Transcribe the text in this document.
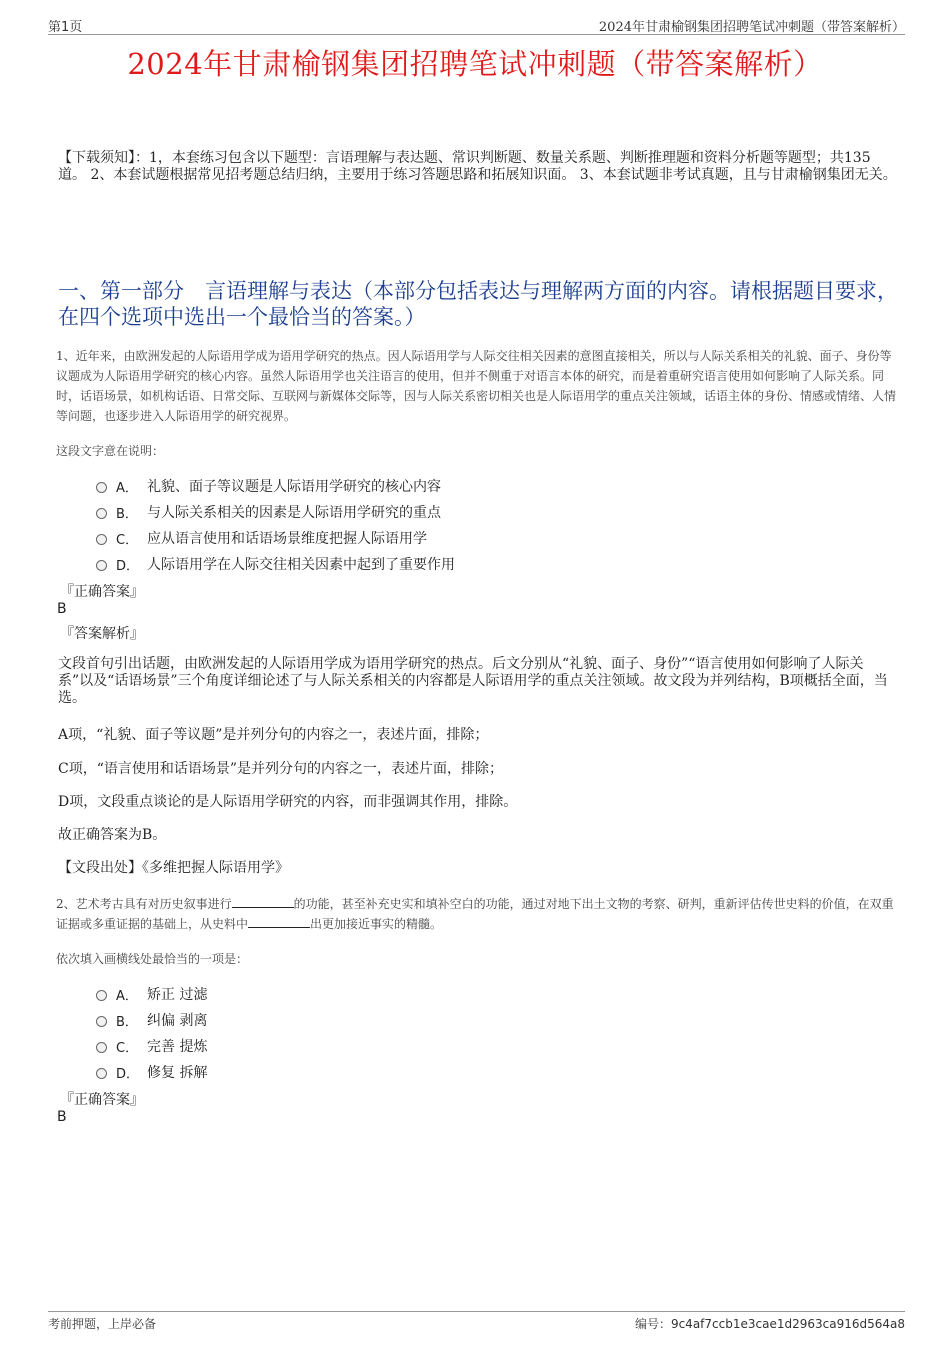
第1页	2024年甘肃榆钢集团招聘笔试冲刺题（带答案解析）
2024年甘肃榆钢集团招聘笔试冲刺题（带答案解析）
【下载须知】：1，本套练习包含以下题型：言语理解与表达题、常识判断题、数量关系题、判断推理题和资料分析题等题型；共135道。 2、本套试题根据常见招考题总结归纳，主要用于练习答题思路和拓展知识面。 3、本套试题非考试真题，且与甘肃榆钢集团无关。
一、第一部分　言语理解与表达（本部分包括表达与理解两方面的内容。请根据题目要求，在四个选项中选出一个最恰当的答案。）
1、近年来，由欧洲发起的人际语用学成为语用学研究的热点。因人际语用学与人际交往相关因素的意图直接相关，所以与人际关系相关的礼貌、面子、身份等议题成为人际语用学研究的核心内容。虽然人际语用学也关注语言的使用，但并不侧重于对语言本体的研究，而是着重研究语言使用如何影响了人际关系。同时，话语场景，如机构话语、日常交际、互联网与新媒体交际等，因与人际关系密切相关也是人际语用学的重点关注领域，话语主体的身份、情感或情绪、人情等问题，也逐步进入人际语用学的研究视界。
这段文字意在说明：
A． 礼貌、面子等议题是人际语用学研究的核心内容
B． 与人际关系相关的因素是人际语用学研究的重点
C． 应从语言使用和话语场景维度把握人际语用学
D． 人际语用学在人际交往相关因素中起到了重要作用
『正确答案』
B
『答案解析』
文段首句引出话题，由欧洲发起的人际语用学成为语用学研究的热点。后文分别从“礼貌、面子、身份”“语言使用如何影响了人际关系”以及“话语场景”三个角度详细论述了与人际关系相关的内容都是人际语用学的重点关注领域。故文段为并列结构，B项概括全面，当选。
A项，“礼貌、面子等议题”是并列分句的内容之一，表述片面，排除；
C项，“语言使用和话语场景”是并列分句的内容之一，表述片面，排除；
D项，文段重点谈论的是人际语用学研究的内容，而非强调其作用，排除。
故正确答案为B。
【文段出处】《多维把握人际语用学》
2、艺术考古具有对历史叙事进行	的功能，甚至补充史实和填补空白的功能，通过对地下出土文物的考察、研判，重新评估传世史料的价值，在双重证据或多重证据的基础上，从史料中	出更加接近事实的精髓。
依次填入画横线处最恰当的一项是：
A． 矫正 过滤
B． 纠偏 剥离
C． 完善 提炼
D． 修复 拆解
『正确答案』
B
考前押题，上岸必备	编号：9c4af7ccb1e3cae1d2963ca916d564a8
